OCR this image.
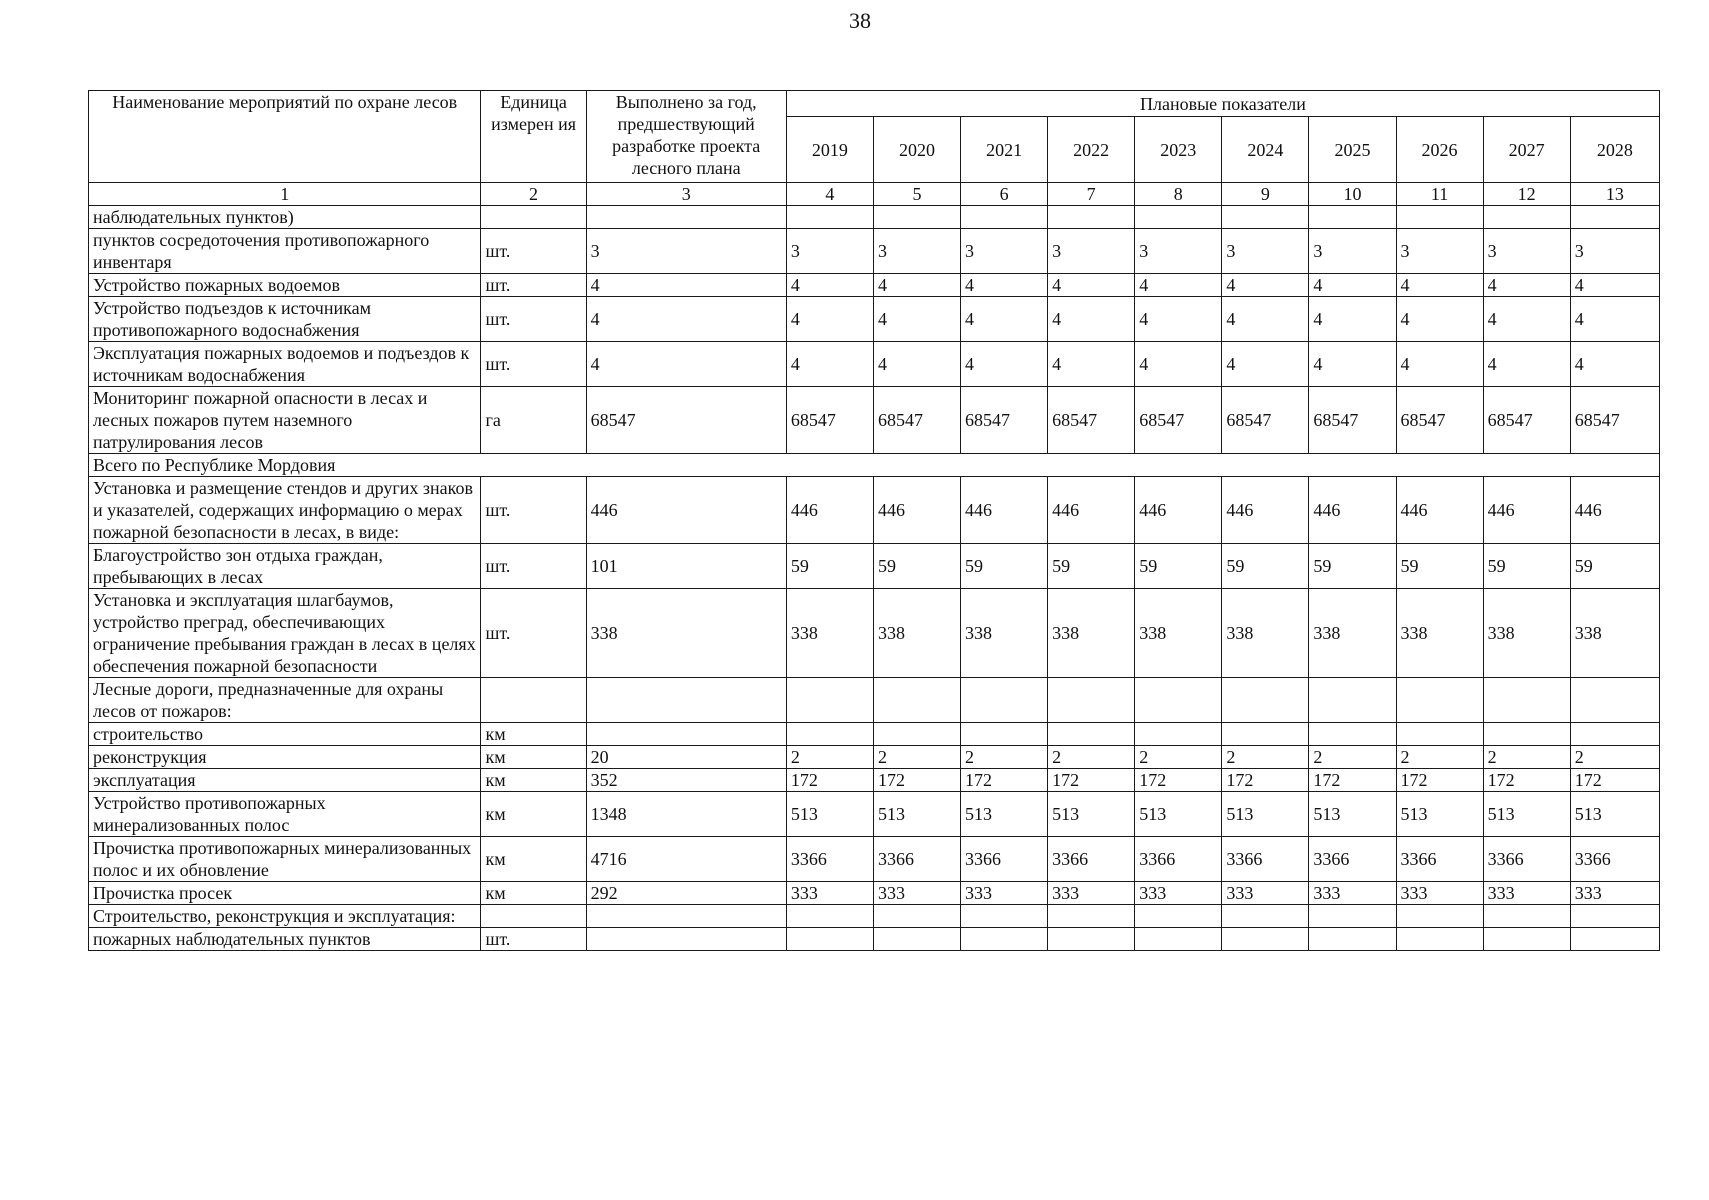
38
Наименование мероприятий по охране лесов	Единица измерен ия	Выполнено за год, предшествующий разработке проекта лесного плана	Плановые показатели									
			2019	2020	2021	2022	2023	2024	2025	2026	2027	2028
1	2	3	4	5	6	7	8	9	10	11	12	13
наблюдательных пунктов)												
пунктов сосредоточения противопожарного инвентаря	шт.	3	3	3	3	3	3	3	3	3	3	3
Устройство пожарных водоемов	шт.	4	4	4	4	4	4	4	4	4	4	4
Устройство подъездов к источникам противопожарного водоснабжения	шт.	4	4	4	4	4	4	4	4	4	4	4
Эксплуатация пожарных водоемов и подъездов к источникам водоснабжения	шт.	4	4	4	4	4	4	4	4	4	4	4
Мониторинг пожарной опасности в лесах и лесных пожаров путем наземного патрулирования лесов	га	68547	68547	68547	68547	68547	68547	68547	68547	68547	68547	68547
Всего по Республике Мордовия												
Установка и размещение стендов и других знаков и указателей, содержащих информацию о мерах пожарной безопасности в лесах, в виде:	шт.	446	446	446	446	446	446	446	446	446	446	446
Благоустройство зон отдыха граждан, пребывающих в лесах	шт.	101	59	59	59	59	59	59	59	59	59	59
Установка и эксплуатация шлагбаумов, устройство преград, обеспечивающих ограничение пребывания граждан в лесах в целях обеспечения пожарной безопасности	шт.	338	338	338	338	338	338	338	338	338	338	338
Лесные дороги, предназначенные для охраны лесов от пожаров:												
строительство	км											
реконструкция	км	20	2	2	2	2	2	2	2	2	2	2
эксплуатация	км	352	172	172	172	172	172	172	172	172	172	172
Устройство противопожарных минерализованных полос	км	1348	513	513	513	513	513	513	513	513	513	513
Прочистка противопожарных минерализованных полос и их обновление	км	4716	3366	3366	3366	3366	3366	3366	3366	3366	3366	3366
Прочистка просек	км	292	333	333	333	333	333	333	333	333	333	333
Строительство, реконструкция и эксплуатация:												
пожарных наблюдательных пунктов	шт.											
